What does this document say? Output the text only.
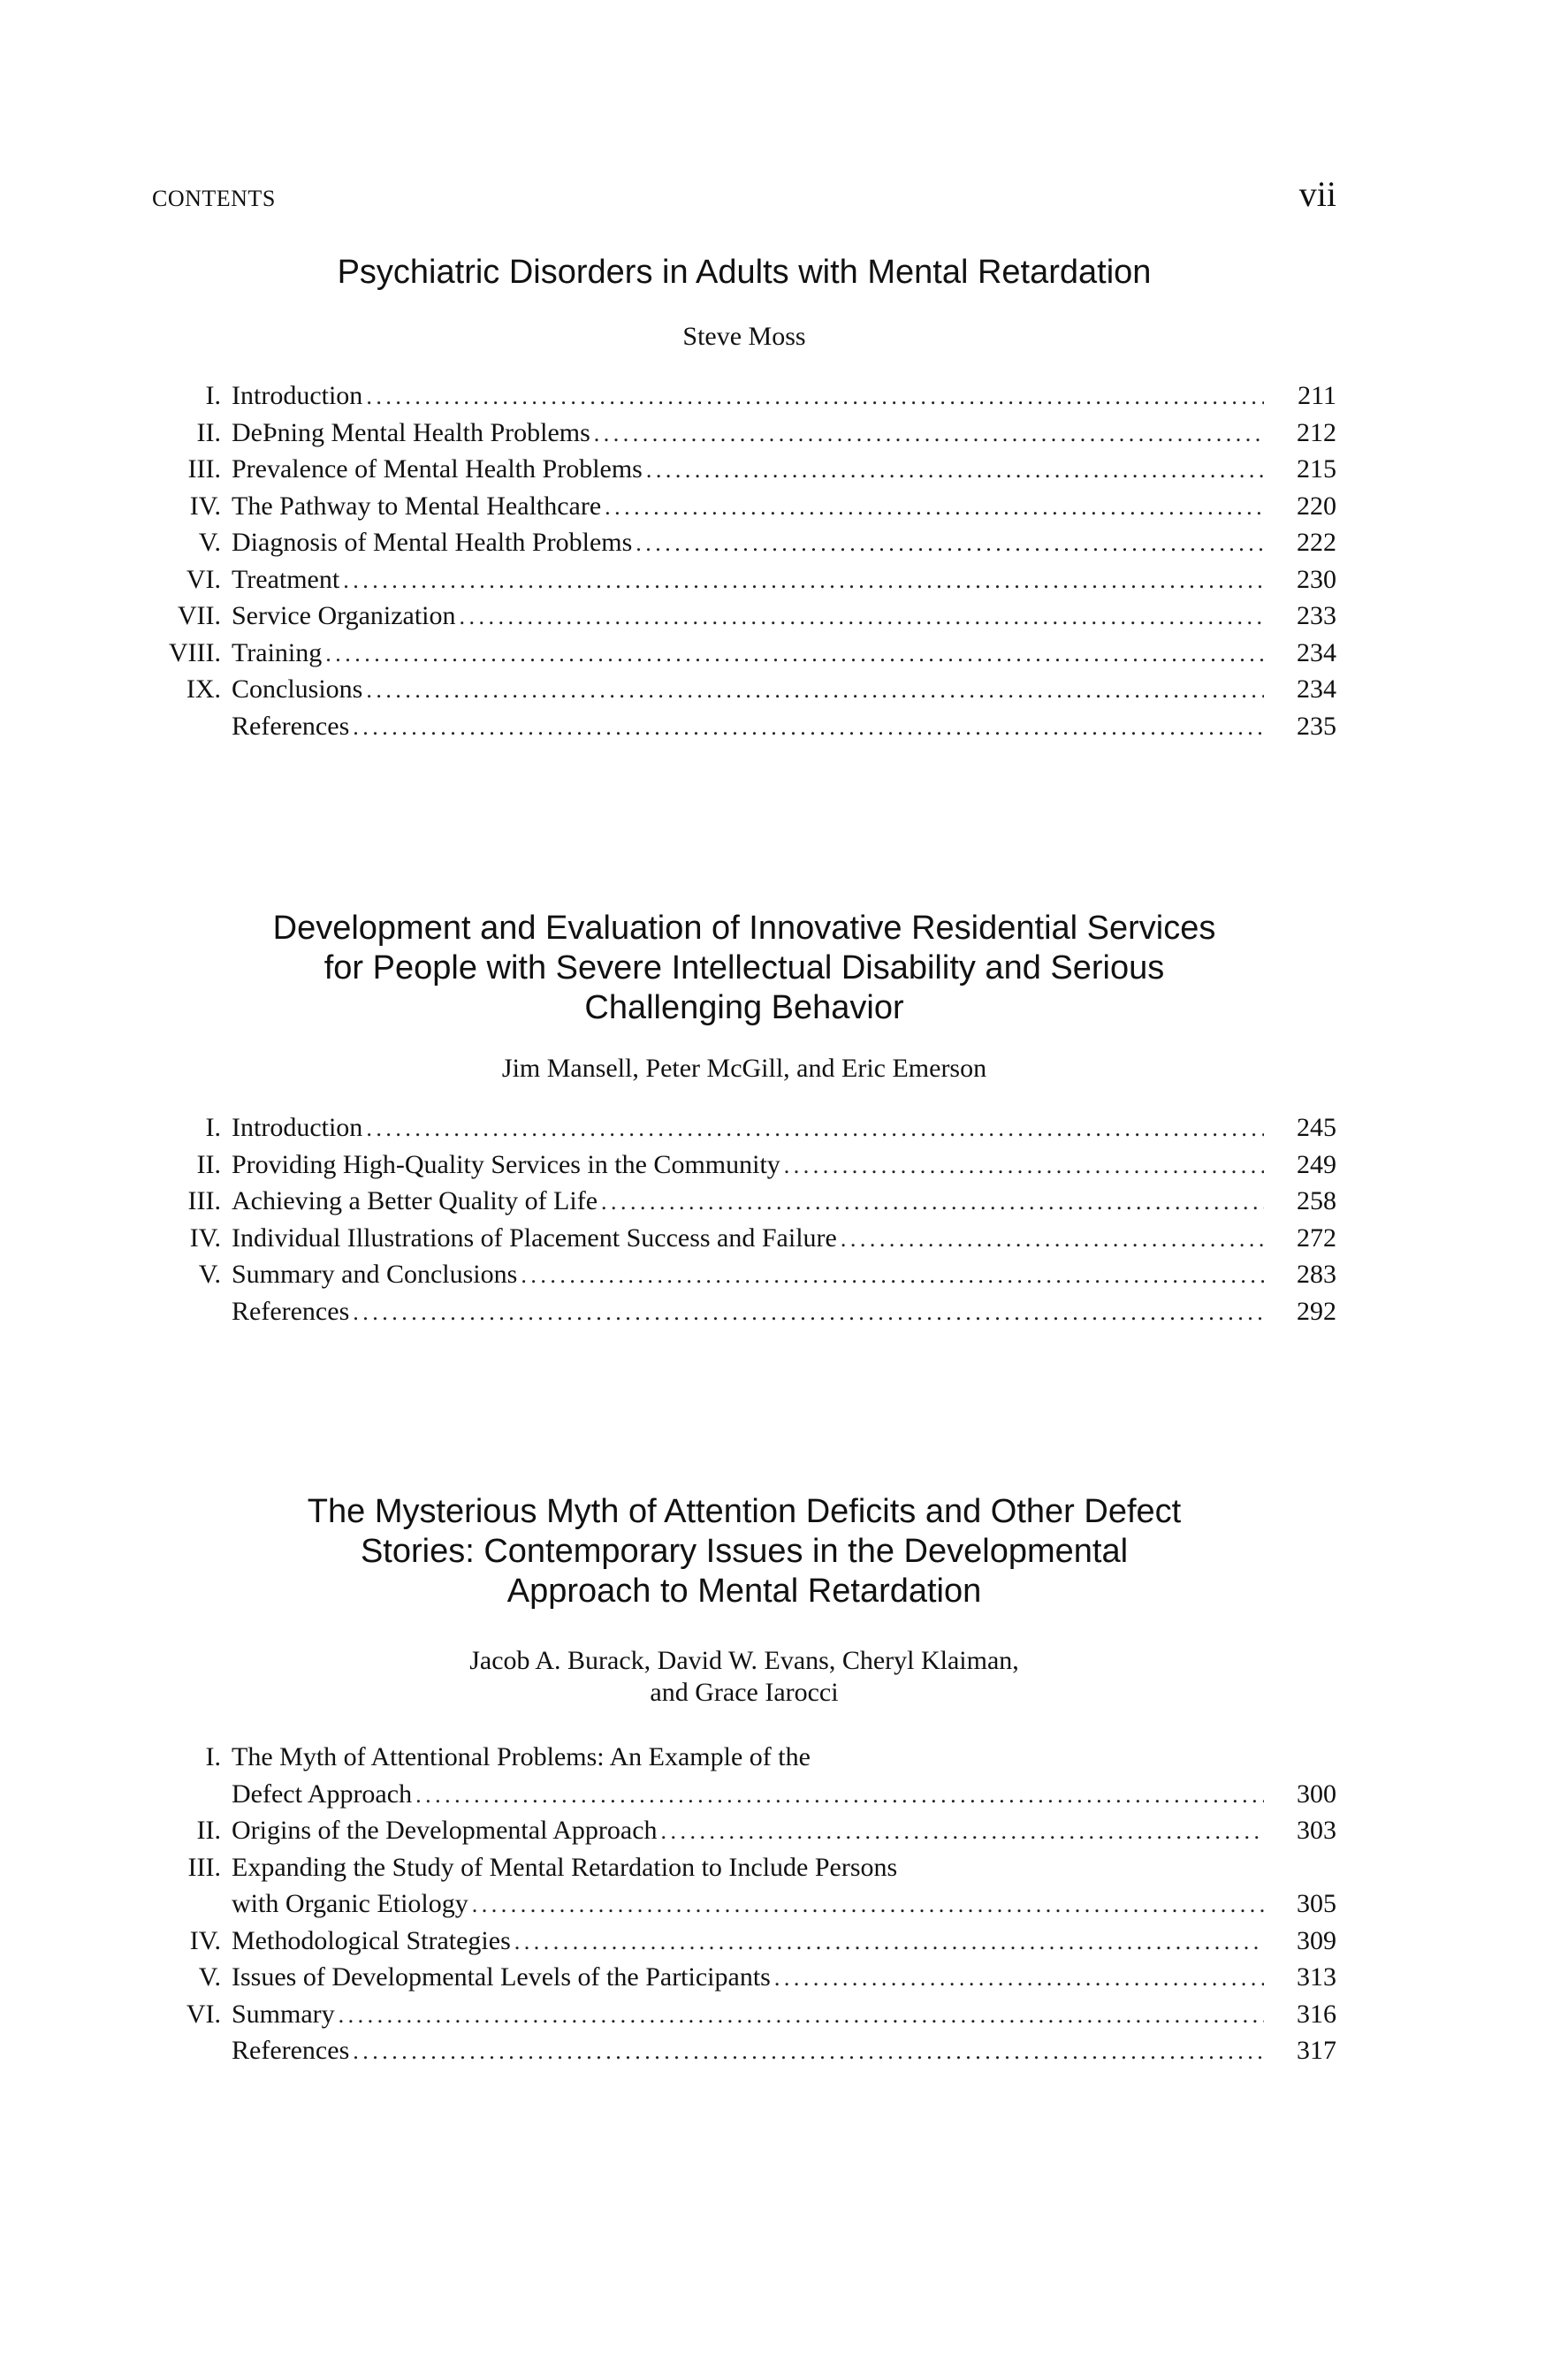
CONTENTS	vii
Psychiatric Disorders in Adults with Mental Retardation
Steve Moss
I. Introduction . . .	211
II. DeÞning Mental Health Problems . . .	212
III. Prevalence of Mental Health Problems . . .	215
IV. The Pathway to Mental Healthcare . . .	220
V. Diagnosis of Mental Health Problems . . .	222
VI. Treatment . . .	230
VII. Service Organization . . .	233
VIII. Training . . .	234
IX. Conclusions . . .	234
References . . .	235
Development and Evaluation of Innovative Residential Services
for People with Severe Intellectual Disability and Serious
Challenging Behavior
Jim Mansell, Peter McGill, and Eric Emerson
I. Introduction . . .	245
II. Providing High-Quality Services in the Community . . .	249
III. Achieving a Better Quality of Life . . .	258
IV. Individual Illustrations of Placement Success and Failure . . .	272
V. Summary and Conclusions . . .	283
References . . .	292
The Mysterious Myth of Attention Deficits and Other Defect
Stories: Contemporary Issues in the Developmental
Approach to Mental Retardation
Jacob A. Burack, David W. Evans, Cheryl Klaiman,
and Grace Iarocci
I. The Myth of Attentional Problems: An Example of the
Defect Approach . . .	300
II. Origins of the Developmental Approach . . .	303
III. Expanding the Study of Mental Retardation to Include Persons
with Organic Etiology . . .	305
IV. Methodological Strategies . . .	309
V. Issues of Developmental Levels of the Participants . . .	313
VI. Summary . . .	316
References . . .	317
